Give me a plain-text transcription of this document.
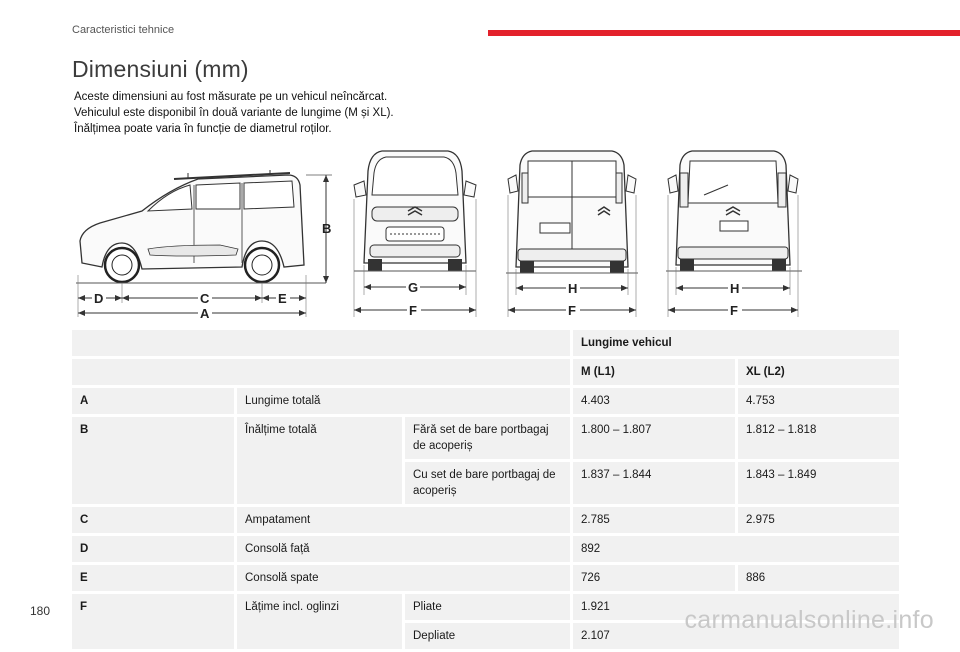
Caracteristici tehnice
Dimensiuni (mm)
Aceste dimensiuni au fost măsurate pe un vehicul neîncărcat.
Vehiculul este disponibil în două variante de lungime (M și XL).
Înălțimea poate varia în funcție de diametrul roților.
B
D	C	E
A
G
F
H
F
H
F
			Lungime vehicul	
			M (L1)	XL (L2)
A	Lungime totală		4.403	4.753
B	Înălțime totală	Fără set de bare portbagaj de acoperiș	1.800 – 1.807	1.812 – 1.818
		Cu set de bare portbagaj de acoperiș	1.837 – 1.844	1.843 – 1.849
C	Ampatament		2.785	2.975
D	Consolă față		892	
E	Consolă spate		726	886
F	Lățime incl. oglinzi	Pliate	1.921	
		Depliate	2.107	
180	carmanualsonline.info
